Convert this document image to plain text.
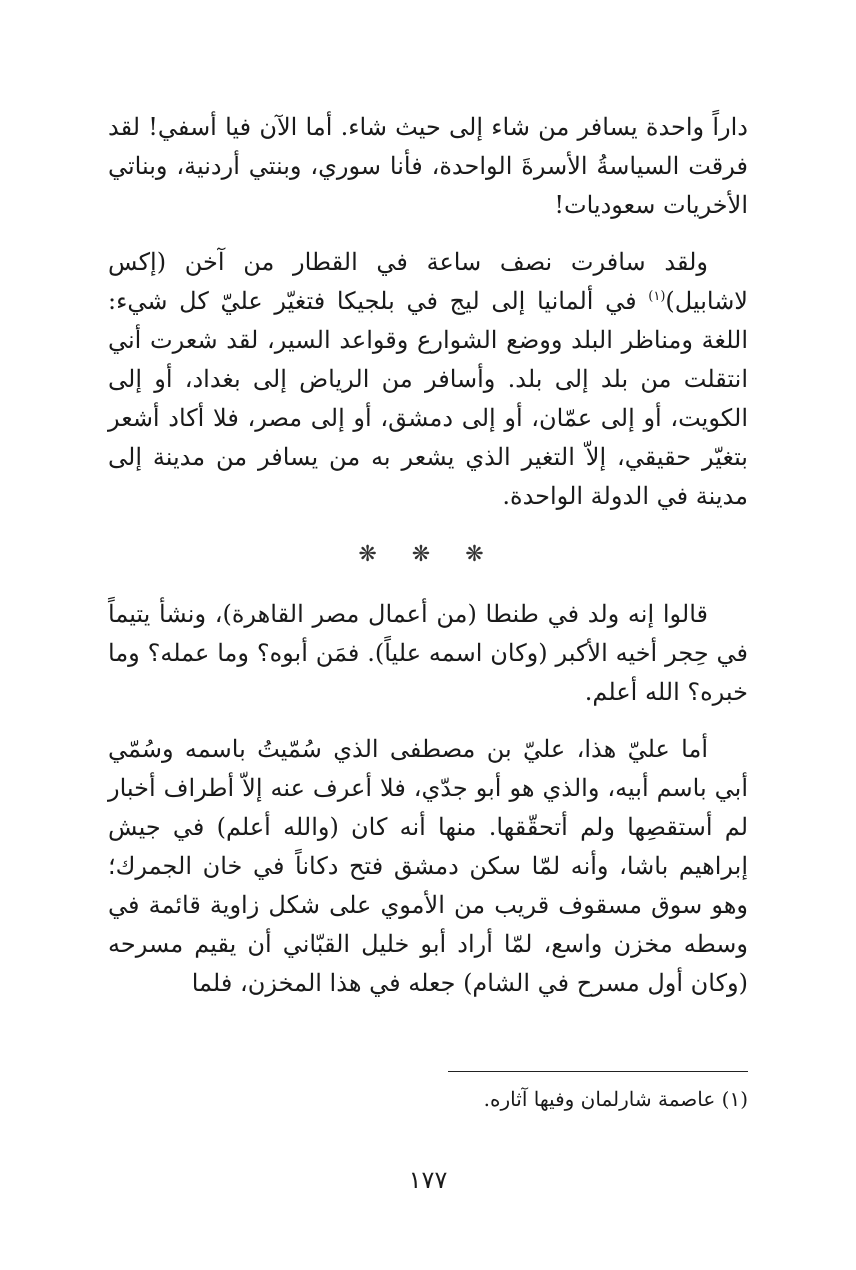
داراً واحدة يسافر من شاء إلى حيث شاء. أما الآن فيا أسفي! لقد فرقت السياسةُ الأسرةَ الواحدة، فأنا سوري، وبنتي أردنية، وبناتي الأخريات سعوديات!

ولقد سافرت نصف ساعة في القطار من آخن (إكس لاشابيل)$^{(١)}$ في ألمانيا إلى ليج في بلجيكا فتغيّر عليّ كل شيء: اللغة ومناظر البلد ووضع الشوارع وقواعد السير، لقد شعرت أني انتقلت من بلد إلى بلد. وأسافر من الرياض إلى بغداد، أو إلى الكويت، أو إلى عمّان، أو إلى دمشق، أو إلى مصر، فلا أكاد أشعر بتغيّر حقيقي، إلاّ التغير الذي يشعر به من يسافر من مدينة إلى مدينة في الدولة الواحدة.

❋ ❋ ❋

قالوا إنه ولد في طنطا (من أعمال مصر القاهرة)، ونشأ يتيماً في حِجر أخيه الأكبر (وكان اسمه علياً). فمَن أبوه؟ وما عمله؟ وما خبره؟ الله أعلم.

أما عليّ هذا، عليّ بن مصطفى الذي سُمّيتُ باسمه وسُمّي أبي باسم أبيه، والذي هو أبو جدّي، فلا أعرف عنه إلاّ أطراف أخبار لم أستقصِها ولم أتحقّقها. منها أنه كان (والله أعلم) في جيش إبراهيم باشا، وأنه لمّا سكن دمشق فتح دكاناً في خان الجمرك؛ وهو سوق مسقوف قريب من الأموي على شكل زاوية قائمة في وسطه مخزن واسع، لمّا أراد أبو خليل القبّاني أن يقيم مسرحه (وكان أول مسرح في الشام) جعله في هذا المخزن، فلما

(١) عاصمة شارلمان وفيها آثاره.
١٧٧
